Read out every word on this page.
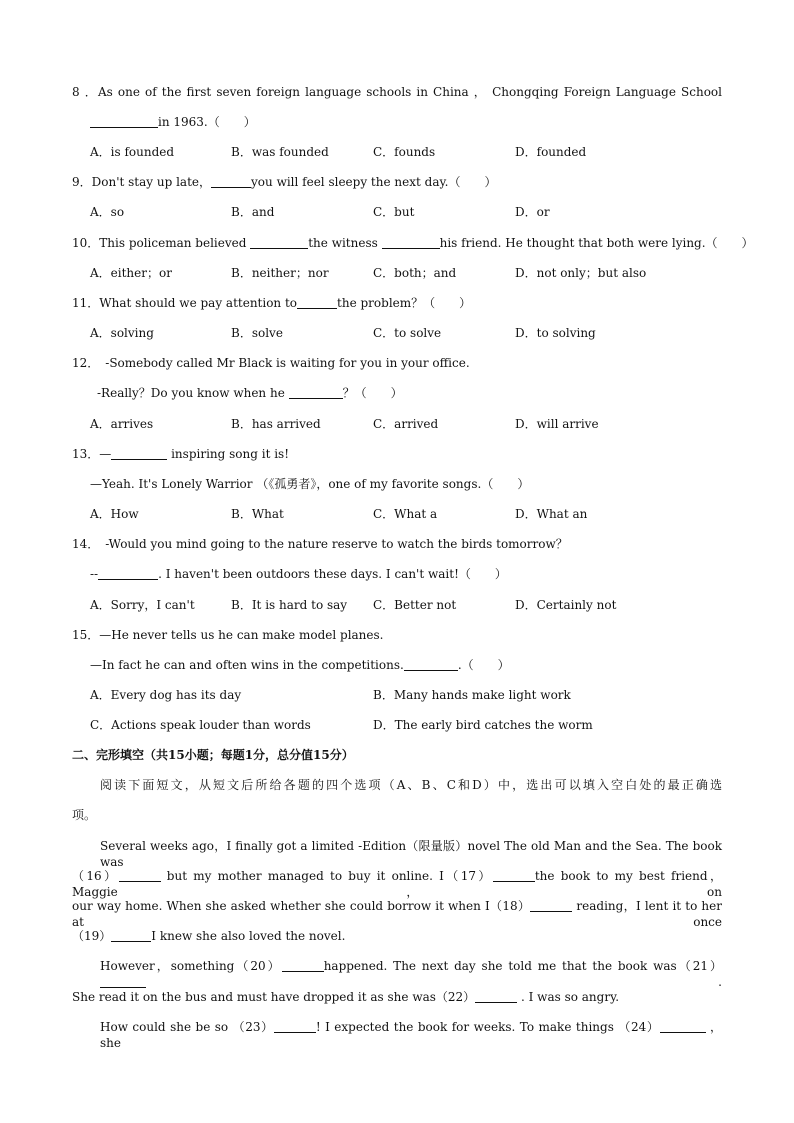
8 ．As one of the first seven foreign language schools in China ， Chongqing Foreign Language School
in 1963.（　　）
A．is founded	B．was founded	C．founds	D．founded
9．Don't stay up late，	you will feel sleepy the next day.（　　）
A．so	B．and	C．but	D．or
10．This policeman believed	the witness	his friend. He thought that both were lying.（　　）
A．either；or	B．neither；nor	C．both；and	D．not only；but also
11．What should we pay attention to	the problem？（　　）
A．solving	B．solve	C．to solve	D．to solving
12．　-Somebody called Mr Black is waiting for you in your office.
-Really？Do you know when he	？（　　）
A．arrives	B．has arrived	C．arrived	D．will arrive
13．—	inspiring song it is!
—Yeah. It's Lonely Warrior （《孤勇者》，one of my favorite songs.（　　）
A．How	B．What	C．What a	D．What an
14．　-Would you mind going to the nature reserve to watch the birds tomorrow？
--	. I haven't been outdoors these days. I can't wait!（　　）
A．Sorry，I can't	B．It is hard to say C．Better not	D．Certainly not
15．—He never tells us he can make model planes.
—In fact he can and often wins in the competitions.	.（　　）
A．Every dog has its day	B．Many hands make light work
C．Actions speak louder than words	D．The early bird catches the worm
二、完形填空（共15小题；每题1分，总分值15分）
阅读下面短文，从短文后所给各题的四个选项（A、B、C和D）中，选出可以填入空白处的最正确选
项。
Several weeks ago，I finally got a limited -Edition（限量版）novel The old Man and the Sea. The book was
（16）	but my mother managed to buy it online. I（17）	the book to my best friend，Maggie，on
our way home. When she asked whether she could borrow it when I（18）	reading，I lent it to her at once
（19）	I knew she also loved the novel.
However，something（20）	happened. The next day she told me that the book was（21） .
She read it on the bus and must have dropped it as she was（22）	. I was so angry.
How could she be so （23）	! I expected the book for weeks. To make things （24）	，she
